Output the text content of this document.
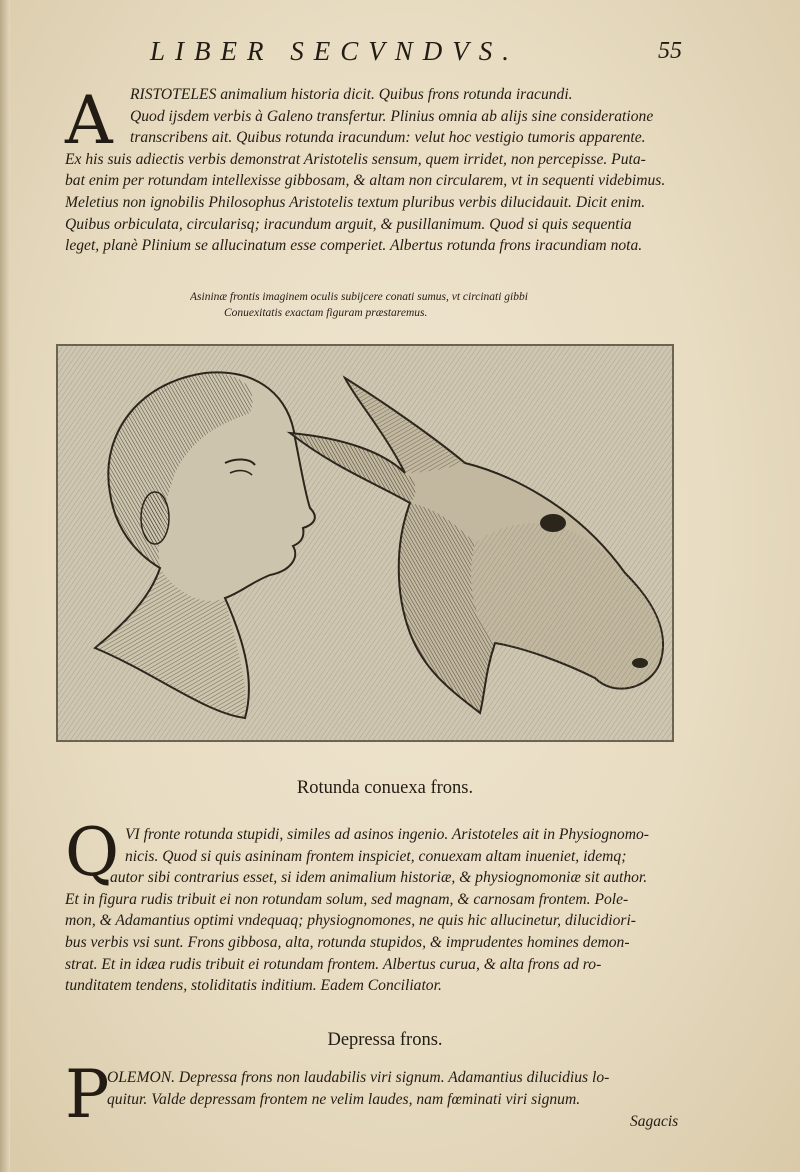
LIBER SECVNDVS.	55
A	RISTOTELES animalium historia dicit. Quibus frons rotunda iracundi.
Quod ijsdem verbis à Galeno transfertur. Plinius omnia ab alijs sine consideratione
transcribens ait. Quibus rotunda iracundum: velut hoc vestigio tumoris apparente.
Ex his suis adiectis verbis demonstrat Aristotelis sensum, quem irridet, non percepisse. Puta-
bat enim per rotundam intellexisse gibbosam, & altam non circularem, vt in sequenti videbimus.
Meletius non ignobilis Philosophus Aristotelis textum pluribus verbis dilucidauit. Dicit enim.
Quibus orbiculata, circularisq; iracundum arguit, & pusillanimum. Quod si quis sequentia
leget, planè Plinium se allucinatum esse comperiet. Albertus rotunda frons iracundiam nota.
Asininæ frontis imaginem oculis subijcere conati sumus, vt circinati gibbi
Conuexitatis exactam figuram præstaremus.
Rotunda conuexa frons.
Q VI fronte rotunda stupidi, similes ad asinos ingenio. Aristoteles ait in Physiognomo-
nicis. Quod si quis asininam frontem inspiciet, conuexam altam inueniet, idemq;
autor sibi contrarius esset, si idem animalium historiæ, & physiognomoniæ sit author.
Et in figura rudis tribuit ei non rotundam solum, sed magnam, & carnosam frontem. Pole-
mon, & Adamantius optimi vndequaq; physiognomones, ne quis hic allucinetur, dilucidiori-
bus verbis vsi sunt. Frons gibbosa, alta, rotunda stupidos, & imprudentes homines demon-
strat. Et in idæa rudis tribuit ei rotundam frontem. Albertus curua, & alta frons ad ro-
tunditatem tendens, stoliditatis inditium. Eadem Conciliator.
Depressa frons.
P
OLEMON. Depressa frons non laudabilis viri signum. Adamantius dilucidius lo-
quitur. Valde depressam frontem ne velim laudes, nam fœminati viri signum.
Sagacis
